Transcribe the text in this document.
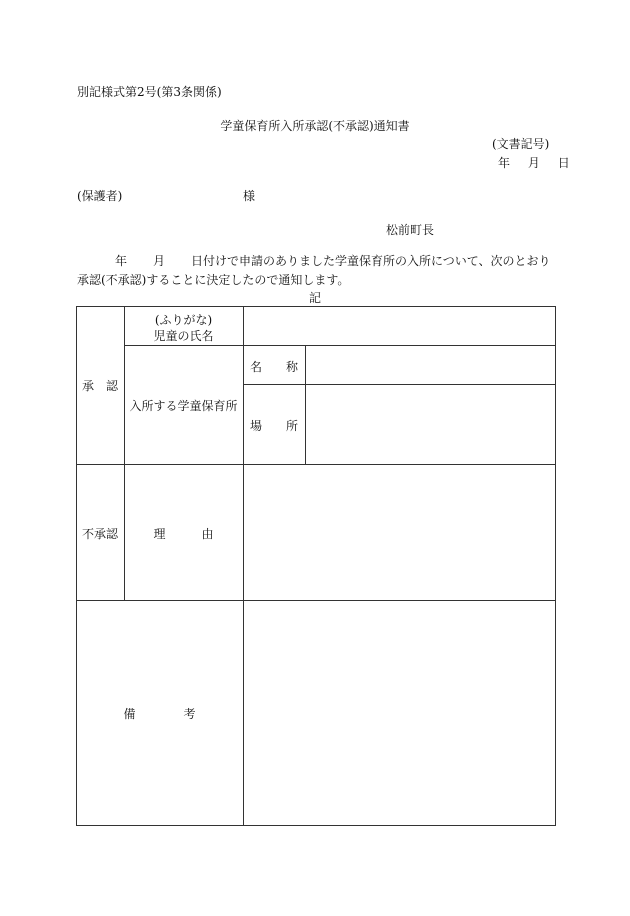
別記様式第2号(第3条関係)
学童保育所入所承認(不承認)通知書
(文書記号)
年 月 日
(保護者)	様
松前町長
年 月 日付けで申請のありました学童保育所の入所について、次のとおり承認(不承認)することに決定したので通知します。
記
承　認
(ふりがな)
児童の氏名
入所する学童保育所
名　　称
場　　所
不承認	理　　　由
備　　　　考
